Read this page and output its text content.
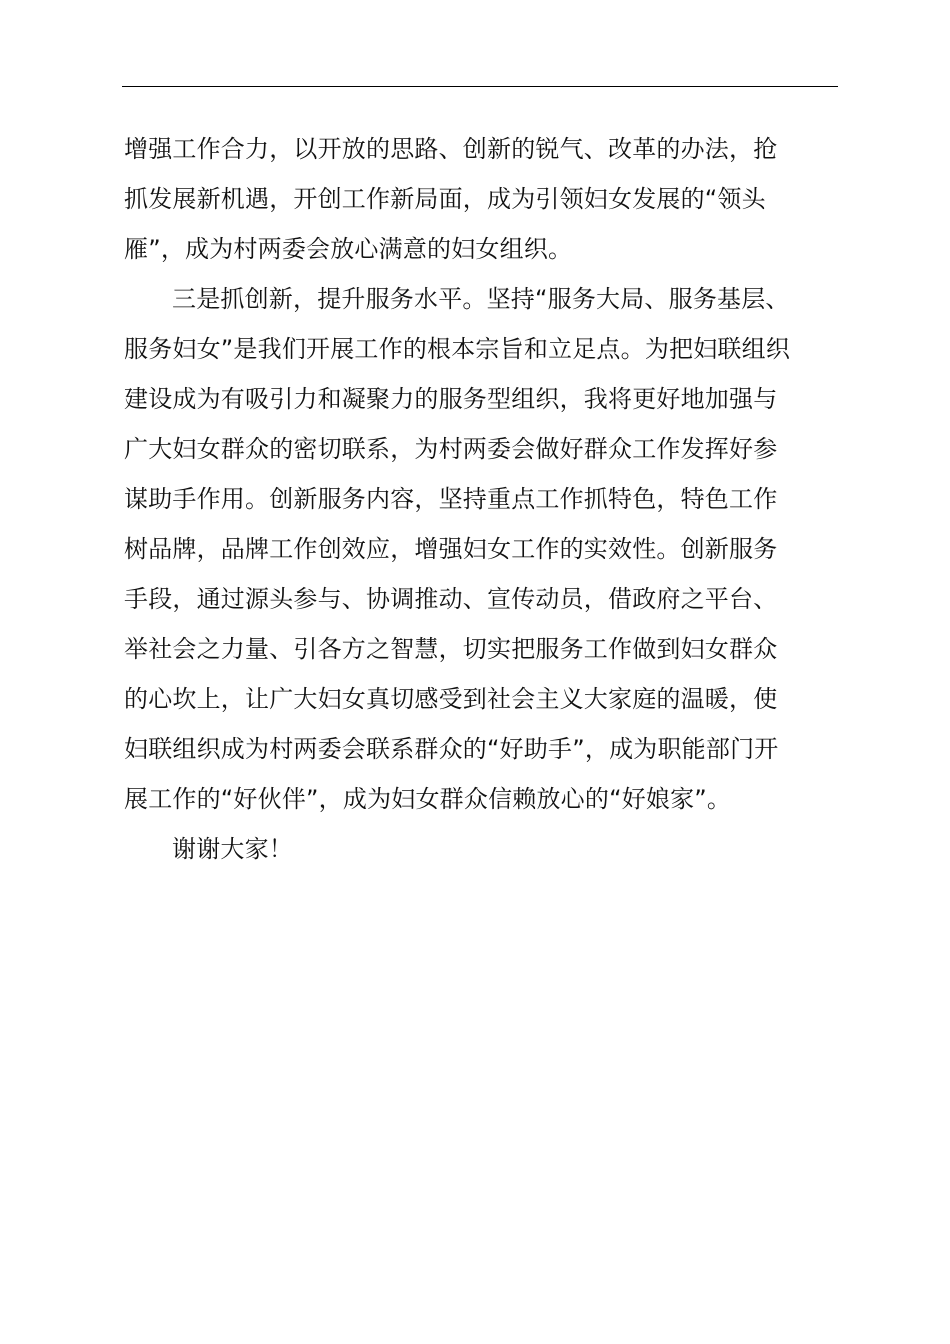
增强工作合力，以开放的思路、创新的锐气、改革的办法，抢
抓发展新机遇，开创工作新局面，成为引领妇女发展的“领头
雁”，成为村两委会放心满意的妇女组织。
三是抓创新，提升服务水平。坚持“服务大局、服务基层、
服务妇女”是我们开展工作的根本宗旨和立足点。为把妇联组织
建设成为有吸引力和凝聚力的服务型组织，我将更好地加强与
广大妇女群众的密切联系，为村两委会做好群众工作发挥好参
谋助手作用。创新服务内容，坚持重点工作抓特色，特色工作
树品牌，品牌工作创效应，增强妇女工作的实效性。创新服务
手段，通过源头参与、协调推动、宣传动员，借政府之平台、
举社会之力量、引各方之智慧，切实把服务工作做到妇女群众
的心坎上，让广大妇女真切感受到社会主义大家庭的温暖，使
妇联组织成为村两委会联系群众的“好助手”，成为职能部门开
展工作的“好伙伴”，成为妇女群众信赖放心的“好娘家”。
谢谢大家！
